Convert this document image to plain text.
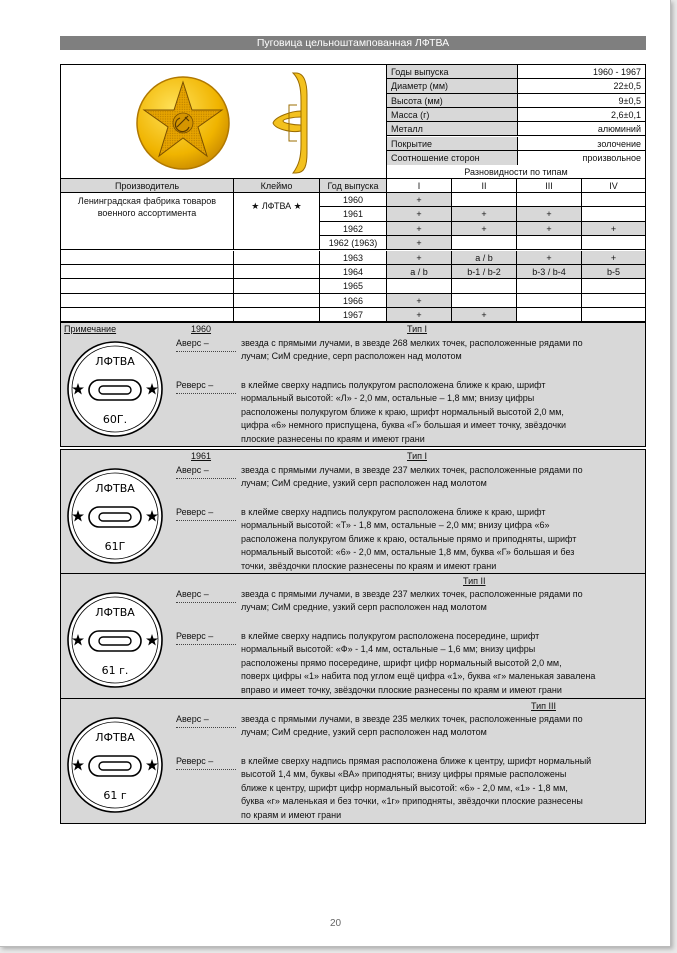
Пуговица цельноштампованная ЛФТВА
Годы выпуска	1960 - 1967
Диаметр (мм)	22±0,5
Высота (мм)	9±0,5
Масса (г)	2,6±0,1
Металл	алюминий
Покрытие	золочение
Соотношение сторон	произвольное
Разновидности по типам
Производитель	Клеймо	Год выпуска	I	II	III	IV
Ленинградская фабрика товаров военного ассортимента
★ ЛФТВА ★
1960	+
1961	+	+	+
1962	+	+	+	+
1962 (1963)	+
1963	+	а / b	+	+
1964	а / b	b-1 / b-2	b-3 / b-4	b-5
1965
1966	+
1967	+	+
Примечание	1960	Тип I
ЛФТВА
60Г.
Аверс –	звезда с прямыми лучами, в звезде 268 мелких точек, расположенные рядами по
лучам; СиМ средние, серп расположен над молотом
Реверс –	в клейме сверху надпись полукругом расположена ближе к краю, шрифт
нормальный высотой: «Л» - 2,0 мм, остальные – 1,8 мм; внизу цифры
расположены полукругом ближе к краю, шрифт нормальный высотой 2,0 мм,
цифра «6» немного приспущена, буква «Г» большая и имеет точку, звёздочки
плоские разнесены по краям и имеют грани
1961	Тип I
ЛФТВА
61Г
Аверс –	звезда с прямыми лучами, в звезде 237 мелких точек, расположенные рядами по
лучам; СиМ средние, узкий серп расположен над молотом
Реверс –	в клейме сверху надпись полукругом расположена ближе к краю, шрифт
нормальный высотой: «Т» - 1,8 мм, остальные – 2,0 мм; внизу цифра «6»
расположена полукругом ближе к краю, остальные прямо и приподняты, шрифт
нормальный высотой: «6» - 2,0 мм, остальные 1,8 мм, буква «Г» большая и без
точки, звёздочки плоские разнесены по краям и имеют грани
Тип II
ЛФТВА
61 г.
Аверс –	звезда с прямыми лучами, в звезде 237 мелких точек, расположенные рядами по
лучам; СиМ средние, узкий серп расположен над молотом
Реверс –	в клейме сверху надпись полукругом расположена посередине, шрифт
нормальный высотой: «Ф» - 1,4 мм, остальные – 1,6 мм; внизу цифры
расположены прямо посередине, шрифт цифр нормальный высотой 2,0 мм,
поверх цифры «1» набита под углом ещё цифра «1», буква «г» маленькая завалена
вправо и имеет точку, звёздочки плоские разнесены по краям и имеют грани
Тип III
ЛФТВА
61 г
Аверс –	звезда с прямыми лучами, в звезде 235 мелких точек, расположенные рядами по
лучам; СиМ средние, узкий серп расположен над молотом
Реверс –	в клейме сверху надпись прямая расположена ближе к центру, шрифт нормальный
высотой 1,4 мм, буквы «ВА» приподняты; внизу цифры прямые расположены
ближе к центру, шрифт цифр нормальный высотой: «6» - 2,0 мм, «1» - 1,8 мм,
буква «г» маленькая и без точки, «1г» приподняты, звёздочки плоские разнесены
по краям и имеют грани
20
